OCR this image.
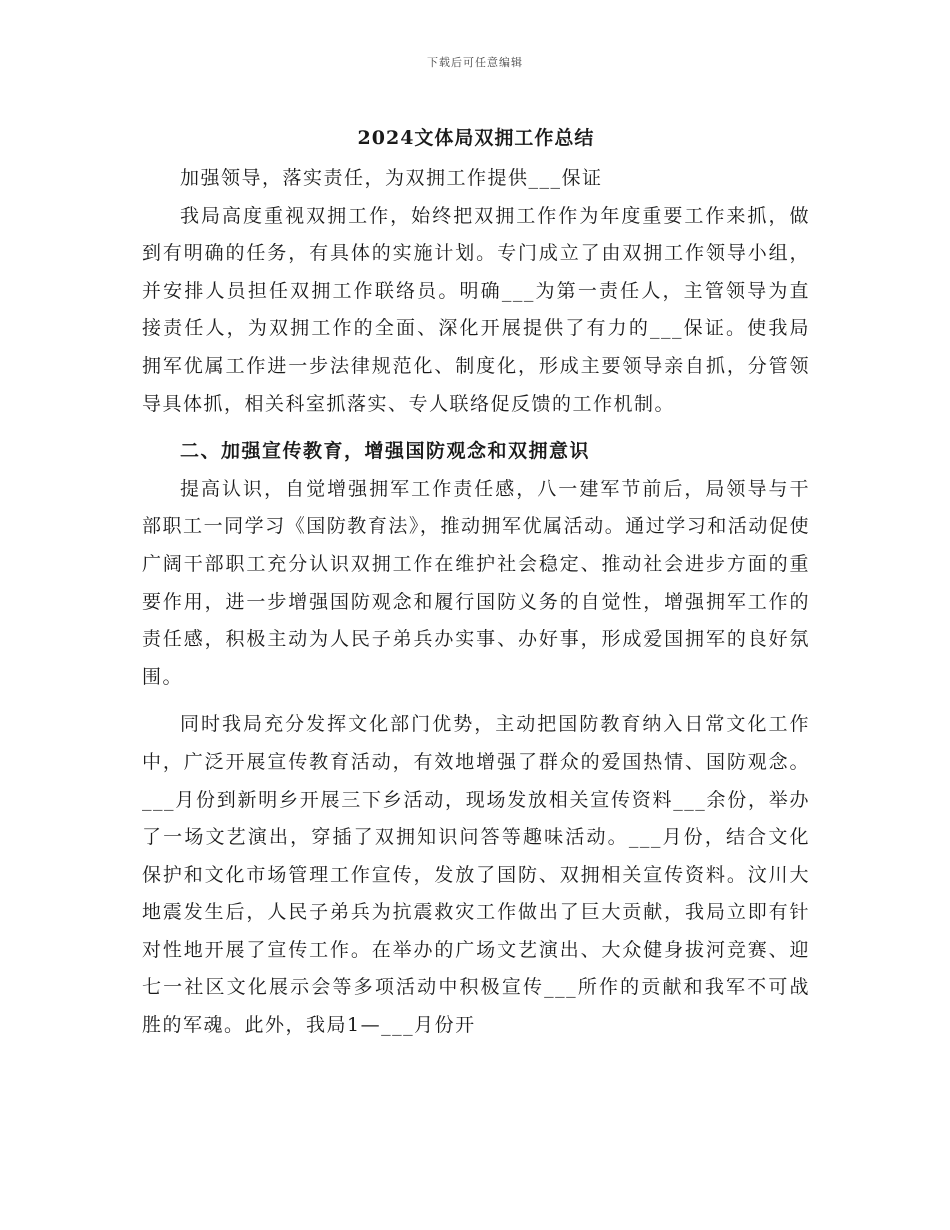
下载后可任意编辑
2024文体局双拥工作总结

加强领导，落实责任，为双拥工作提供___保证

我局高度重视双拥工作，始终把双拥工作作为年度重要工作来抓，做到有明确的任务，有具体的实施计划。专门成立了由双拥工作领导小组，并安排人员担任双拥工作联络员。明确___为第一责任人，主管领导为直接责任人，为双拥工作的全面、深化开展提供了有力的___保证。使我局拥军优属工作进一步法律规范化、制度化，形成主要领导亲自抓，分管领导具体抓，相关科室抓落实、专人联络促反馈的工作机制。

二、加强宣传教育，增强国防观念和双拥意识

提高认识，自觉增强拥军工作责任感，八一建军节前后，局领导与干部职工一同学习《国防教育法》，推动拥军优属活动。通过学习和活动促使广阔干部职工充分认识双拥工作在维护社会稳定、推动社会进步方面的重要作用，进一步增强国防观念和履行国防义务的自觉性，增强拥军工作的责任感，积极主动为人民子弟兵办实事、办好事，形成爱国拥军的良好氛围。

同时我局充分发挥文化部门优势，主动把国防教育纳入日常文化工作中，广泛开展宣传教育活动，有效地增强了群众的爱国热情、国防观念。___月份到新明乡开展三下乡活动，现场发放相关宣传资料___余份，举办了一场文艺演出，穿插了双拥知识问答等趣味活动。___月份，结合文化保护和文化市场管理工作宣传，发放了国防、双拥相关宣传资料。汶川大地震发生后，人民子弟兵为抗震救灾工作做出了巨大贡献，我局立即有针对性地开展了宣传工作。在举办的广场文艺演出、大众健身拔河竞赛、迎七一社区文化展示会等多项活动中积极宣传___所作的贡献和我军不可战胜的军魂。此外，我局1—___月份开
